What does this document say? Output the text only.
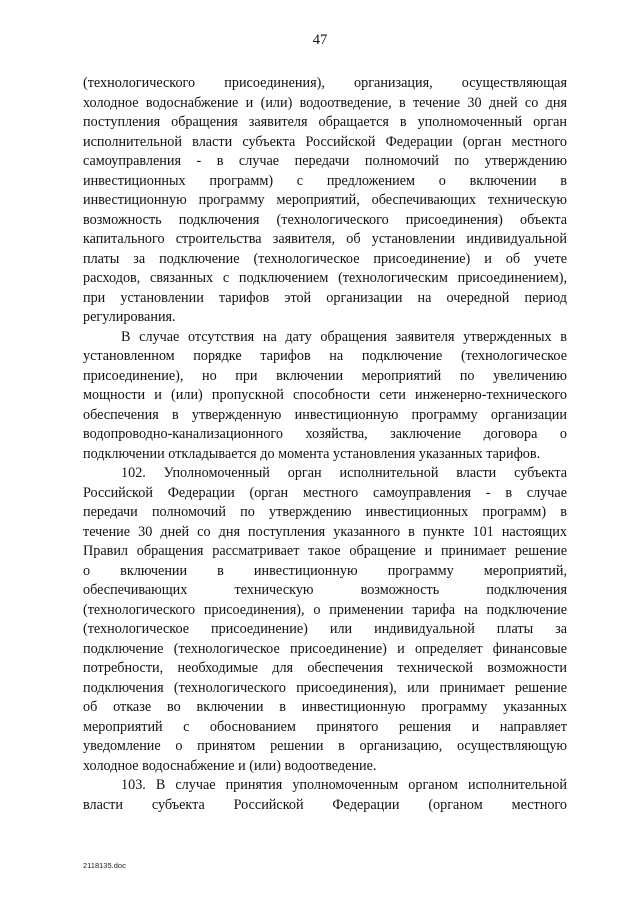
47
(технологического присоединения), организация, осуществляющая
холодное водоснабжение и (или) водоотведение, в течение 30 дней со дня
поступления обращения заявителя обращается в уполномоченный орган
исполнительной власти субъекта Российской Федерации (орган местного
самоуправления - в случае передачи полномочий по утверждению
инвестиционных программ) с предложением о включении в
инвестиционную программу мероприятий, обеспечивающих техническую
возможность подключения (технологического присоединения) объекта
капитального строительства заявителя, об установлении индивидуальной
платы за подключение (технологическое присоединение) и об учете
расходов, связанных с подключением (технологическим присоединением),
при установлении тарифов этой организации на очередной период
регулирования.
В случае отсутствия на дату обращения заявителя утвержденных в
установленном порядке тарифов на подключение (технологическое
присоединение), но при включении мероприятий по увеличению
мощности и (или) пропускной способности сети инженерно-технического
обеспечения в утвержденную инвестиционную программу организации
водопроводно-канализационного хозяйства, заключение договора о
подключении откладывается до момента установления указанных тарифов.
102. Уполномоченный орган исполнительной власти субъекта
Российской Федерации (орган местного самоуправления - в случае
передачи полномочий по утверждению инвестиционных программ) в
течение 30 дней со дня поступления указанного в пункте 101 настоящих
Правил обращения рассматривает такое обращение и принимает решение
о включении в инвестиционную программу мероприятий,
обеспечивающих техническую возможность подключения
(технологического присоединения), о применении тарифа на подключение
(технологическое присоединение) или индивидуальной платы за
подключение (технологическое присоединение) и определяет финансовые
потребности, необходимые для обеспечения технической возможности
подключения (технологического присоединения), или принимает решение
об отказе во включении в инвестиционную программу указанных
мероприятий с обоснованием принятого решения и направляет
уведомление о принятом решении в организацию, осуществляющую
холодное водоснабжение и (или) водоотведение.
103. В случае принятия уполномоченным органом исполнительной
власти субъекта Российской Федерации (органом местного
2118135.doc
